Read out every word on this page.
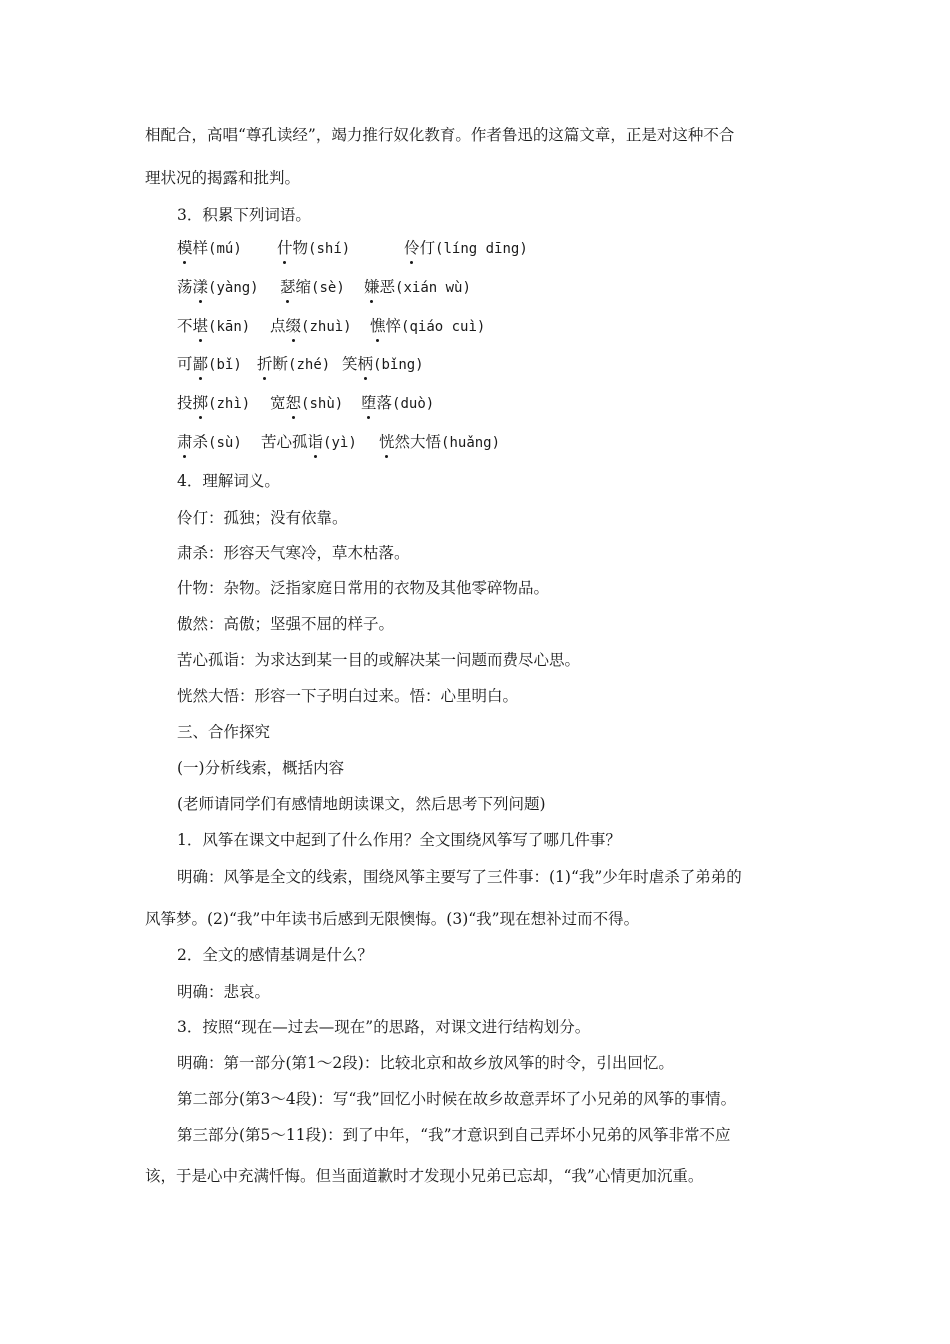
相配合，高唱“尊孔读经”，竭力推行奴化教育。作者鲁迅的这篇文章，正是对这种不合

理状况的揭露和批判。

3．积累下列词语。

模样(mú)	什物(shí)	伶仃(líng dīng)
荡漾(yàng)	瑟缩(sè)	嫌恶(xián wù)
不堪(kān)	点缀(zhuì)	憔悴(qiáo cuì)
可鄙(bǐ) 折断(zhé) 笑柄(bǐng)
投掷(zhì)	宽恕(shù)	堕落(duò)
肃杀(sù)	苦心孤诣(yì)	恍然大悟(huǎng)

4．理解词义。

伶仃：孤独；没有依靠。

肃杀：形容天气寒冷，草木枯落。

什物：杂物。泛指家庭日常用的衣物及其他零碎物品。

傲然：高傲；坚强不屈的样子。

苦心孤诣：为求达到某一目的或解决某一问题而费尽心思。

恍然大悟：形容一下子明白过来。悟：心里明白。

三、合作探究

(一)分析线索，概括内容

(老师请同学们有感情地朗读课文，然后思考下列问题)

1．风筝在课文中起到了什么作用？全文围绕风筝写了哪几件事？

明确：风筝是全文的线索，围绕风筝主要写了三件事：(1)“我”少年时虐杀了弟弟的

风筝梦。(2)“我”中年读书后感到无限懊悔。(3)“我”现在想补过而不得。

2．全文的感情基调是什么？

明确：悲哀。

3．按照“现在—过去—现在”的思路，对课文进行结构划分。

明确：第一部分(第1～2段)：比较北京和故乡放风筝的时令，引出回忆。

第二部分(第3～4段)：写“我”回忆小时候在故乡故意弄坏了小兄弟的风筝的事情。

第三部分(第5～11段)：到了中年，“我”才意识到自己弄坏小兄弟的风筝非常不应

该，于是心中充满忏悔。但当面道歉时才发现小兄弟已忘却，“我”心情更加沉重。
